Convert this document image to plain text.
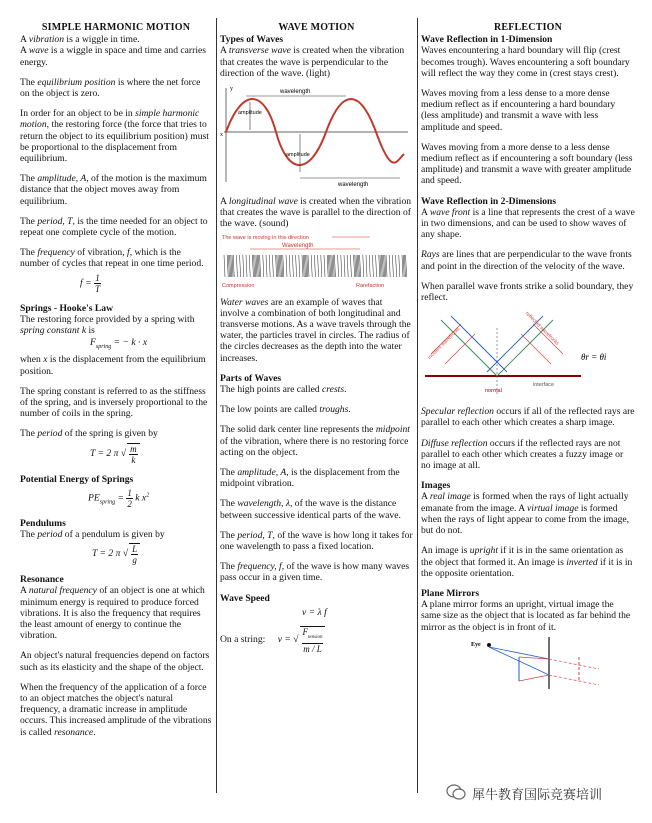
SIMPLE HARMONIC MOTION
A vibration is a wiggle in time.

A wave is a wiggle in space and time and carries energy.

The equilibrium position is where the net force on the object is zero.

In order for an object to be in simple harmonic motion, the restoring force (the force that tries to return the object to its equilibrium position) must be proportional to the displacement from equilibrium.

The amplitude, A, of the motion is the maximum distance that the object moves away from equilibrium.

The period, T, is the time needed for an object to repeat one complete cycle of the motion.

The frequency of vibration, f, which is the number of cycles that repeat in one time period.
$f = \frac{1}{T}$
Springs - Hooke's Law
The restoring force provided by a spring with spring constant k is
$F_{spring}$ = − k · x

when x is the displacement from the equilibrium position.

The spring constant is referred to as the stiffness of the spring, and is inversely proportional to the number of coils in the spring.

The period of the spring is given by
T = 2 π √ $\frac{m}{k}$
Potential Energy of Springs
$PE_{spring} = \frac{1}{2}$ k $x^2$
Pendulums
The period of a pendulum is given by
T = 2 π √ $\frac{L}{g}$
Resonance

A natural frequency of an object is one at which minimum energy is required to produce forced vibrations. It is also the frequency that requires the least amount of energy to continue the vibration.

An object's natural frequencies depend on factors such as its elasticity and the shape of the object.

When the frequency of the application of a force to an object matches the object's natural frequency, a dramatic increase in amplitude occurs. This increased amplitude of the vibrations is called resonance.

WAVE MOTION
Types of Waves
A transverse wave is created when the vibration that creates the wave is perpendicular to the direction of the wave. (light)
wavelength
amplitude
amplitude
wavelength
x
y

A longitudinal wave is created when the vibration that creates the wave is parallel to the direction of the wave. (sound)

The wave is moving in this direction
Wavelength
Compression	Rarefaction

Water waves are an example of waves that involve a combination of both longitudinal and transverse motions. As a wave travels through the water, the particles travel in circles. The radius of the circles decreases as the depth into the water increases.

Parts of Waves

The high points are called crests.

The low points are called troughs.

The solid dark center line represents the midpoint of the vibration, where there is no restoring force acting on the object.

The amplitude, A, is the displacement from the midpoint vibration.

The wavelength, λ, of the wave is the distance between successive identical parts of the wave.

The period, T, of the wave is how long it takes for one wavelength to pass a fixed location.

The frequency, f, of the wave is how many waves pass occur in a given time.

Wave Speed
v = λ f
On a string: v = √ $\frac{F_{tension}}{m / L}$
REFLECTION
Wave Reflection in 1-Dimension

Waves encountering a hard boundary will flip (crest becomes trough). Waves encountering a soft boundary will reflect the way they come in (crest stays crest).

Waves moving from a less dense to a more dense medium reflect as if encountering a hard boundary (less amplitude) and transmit a wave with less amplitude and speed.

Waves moving from a more dense to a less dense medium reflect as if encountering a soft boundary (less amplitude) and transmit a wave with greater amplitude and speed.

Wave Reflection in 2-Dimensions

A wave front is a line that represents the crest of a wave in two dimensions, and can be used to show waves of any shape.

Rays are lines that are perpendicular to the wave fronts and point in the direction of the velocity of the wave.

When parallel wave fronts strike a solid boundary, they reflect.

incident wavefronts	reflected wavefronts
normal
interface
θr = θi

Specular reflection occurs if all of the reflected rays are parallel to each other which creates a sharp image.

Diffuse reflection occurs if the reflected rays are not parallel to each other which creates a fuzzy image or no image at all.

Images

A real image is formed when the rays of light actually emanate from the image. A virtual image is formed when the rays of light appear to come from the image, but do not.

An image is upright if it is in the same orientation as the object that formed it. An image is inverted if it is in the opposite orientation.

Plane Mirrors
A plane mirror forms an upright, virtual image the same size as the object that is located as far behind the mirror as the object is in front of it.
Eye
犀牛教育国际竞赛培训
